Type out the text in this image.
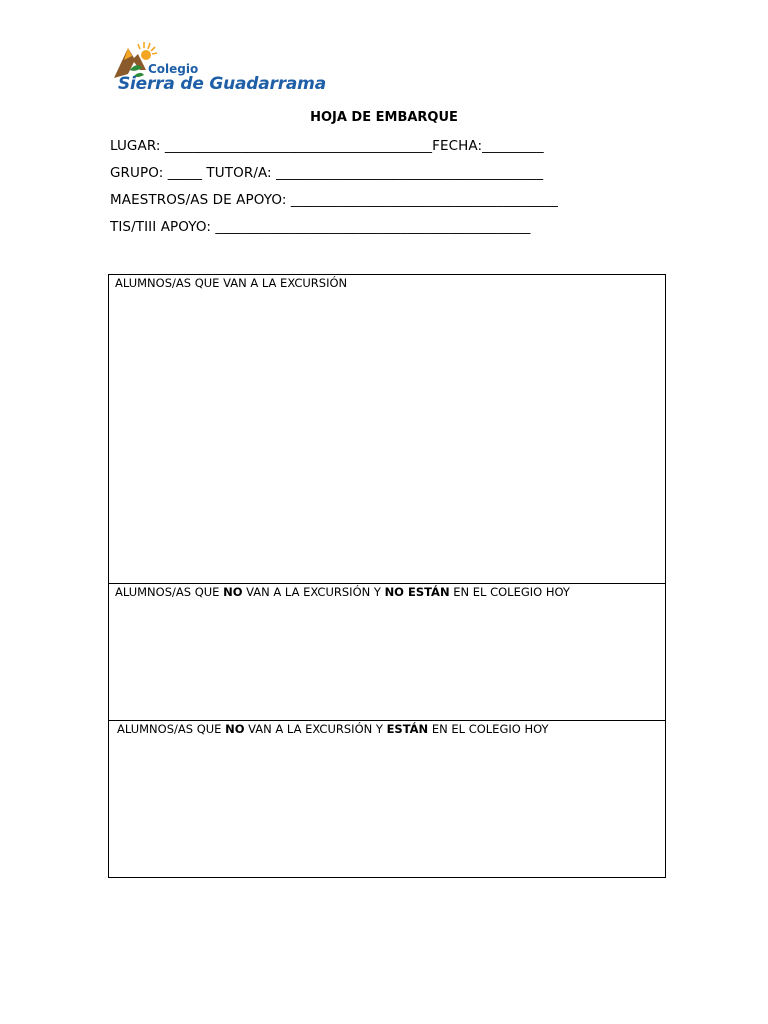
Colegio
Sierra de Guadarrama
HOJA DE EMBARQUE
LUGAR: _______________________________________FECHA:_________
GRUPO: _____ TUTOR/A: _______________________________________
MAESTROS/AS DE APOYO: _______________________________________
TIS/TIII APOYO: ______________________________________________
ALUMNOS/AS QUE VAN A LA EXCURSIÓN
ALUMNOS/AS QUE NO VAN A LA EXCURSIÓN Y NO ESTÁN EN EL COLEGIO HOY
ALUMNOS/AS QUE NO VAN A LA EXCURSIÓN Y ESTÁN EN EL COLEGIO HOY
